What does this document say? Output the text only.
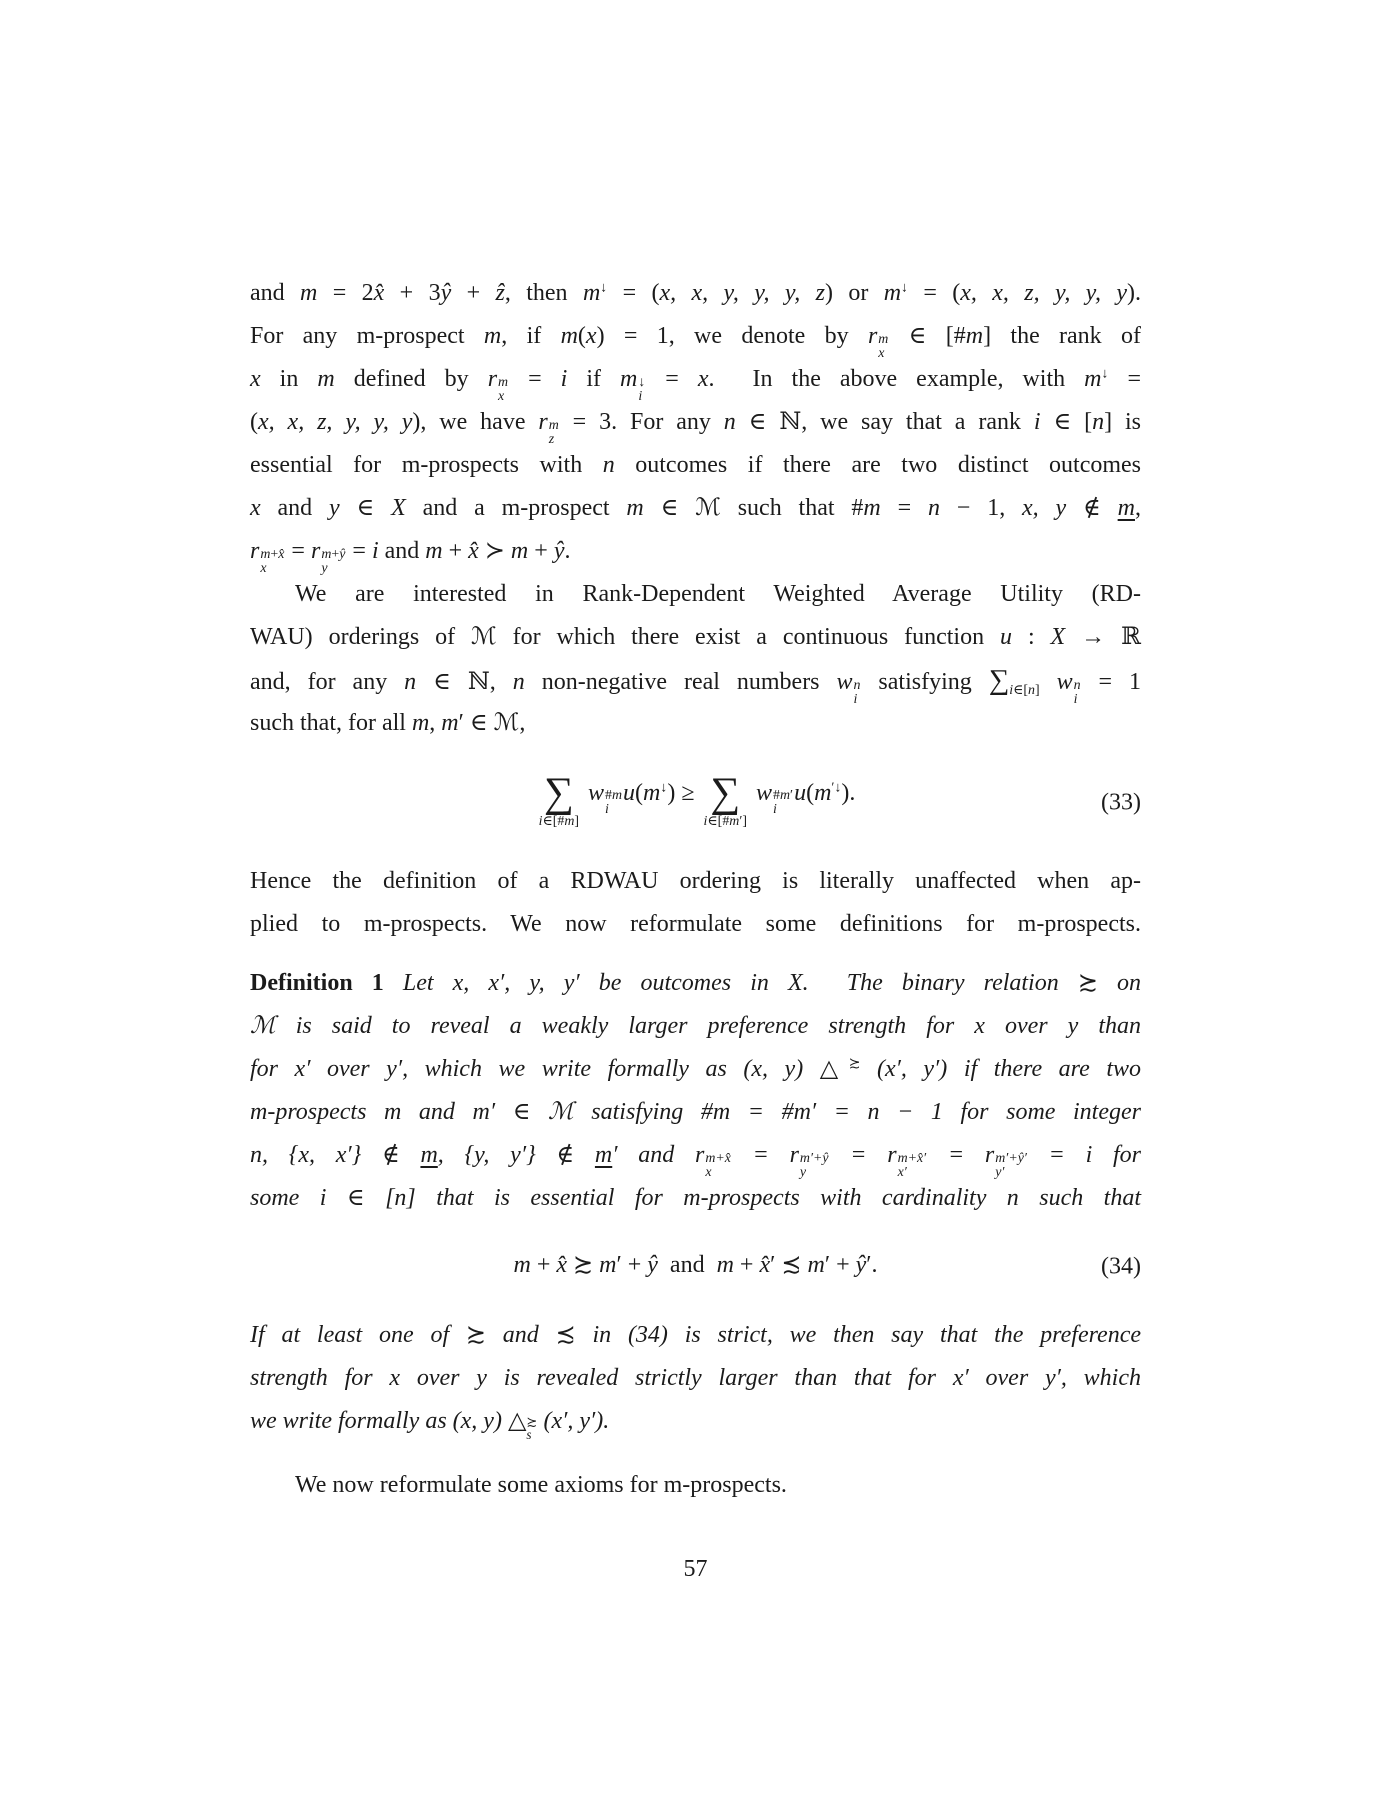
and m = 2x̂ + 3ŷ + ẑ, then m↓ = (x, x, y, y, y, z) or m↓ = (x, x, z, y, y, y).
For any m-prospect m, if m(x) = 1, we denote by r m
x
∈ [#m] the rank of
x in m defined by r m
x
= i if m ↓
i
= x.  In the above example, with m↓ =
(x, x, z, y, y, y), we have r m
z
= 3. For any n ∈ ℕ, we say that a rank i ∈ [n] is
essential for m-prospects with n outcomes if there are two distinct outcomes
x and y ∈ X and a m-prospect m ∈ ℳ such that #m = n − 1, x, y ∉ m,
r m+x̂
x
= r m+ŷ
y
= i and m + x̂ ≻ m + ŷ.
We are interested in Rank-Dependent Weighted Average Utility (RD-
WAU) orderings of ℳ for which there exist a continuous function u : X → ℝ
and, for any n ∈ ℕ, n non-negative real numbers w n
i
satisfying $\sum_{i\in[n]}$ w n
i
= 1
such that, for all m, m′ ∈ ℳ,
∑
i∈[#m]
w #m
i
u(m↓) ≥ ∑
i∈[#m′]
w #m′
i
u(m′↓).	(33)
Hence the definition of a RDWAU ordering is literally unaffected when ap-
plied to m-prospects. We now reformulate some definitions for m-prospects.
Definition 1 Let x, x′, y, y′ be outcomes in X.  The binary relation ≿ on
ℳ is said to reveal a weakly larger preference strength for x over y than
for x′ over y′, which we write formally as (x, y) △≿ (x′, y′) if there are two
m-prospects m and m′ ∈ ℳ satisfying #m = #m′ = n − 1 for some integer
n, {x, x′} ∉ m, {y, y′} ∉ m′ and r m+x̂
x
= r m′+ŷ
y
= r m+x̂′
x′
= r m′+ŷ′
y′
= i for
some i ∈ [n] that is essential for m-prospects with cardinality n such that
m + x̂ ≿ m′ + ŷ  and  m + x̂′ ≾ m′ + ŷ′.	(34)
If at least one of ≿ and ≾ in (34) is strict, we then say that the preference
strength for x over y is revealed strictly larger than that for x′ over y′, which
we write formally as (x, y) △ ≿
s
(x′, y′).
We now reformulate some axioms for m-prospects.
57
